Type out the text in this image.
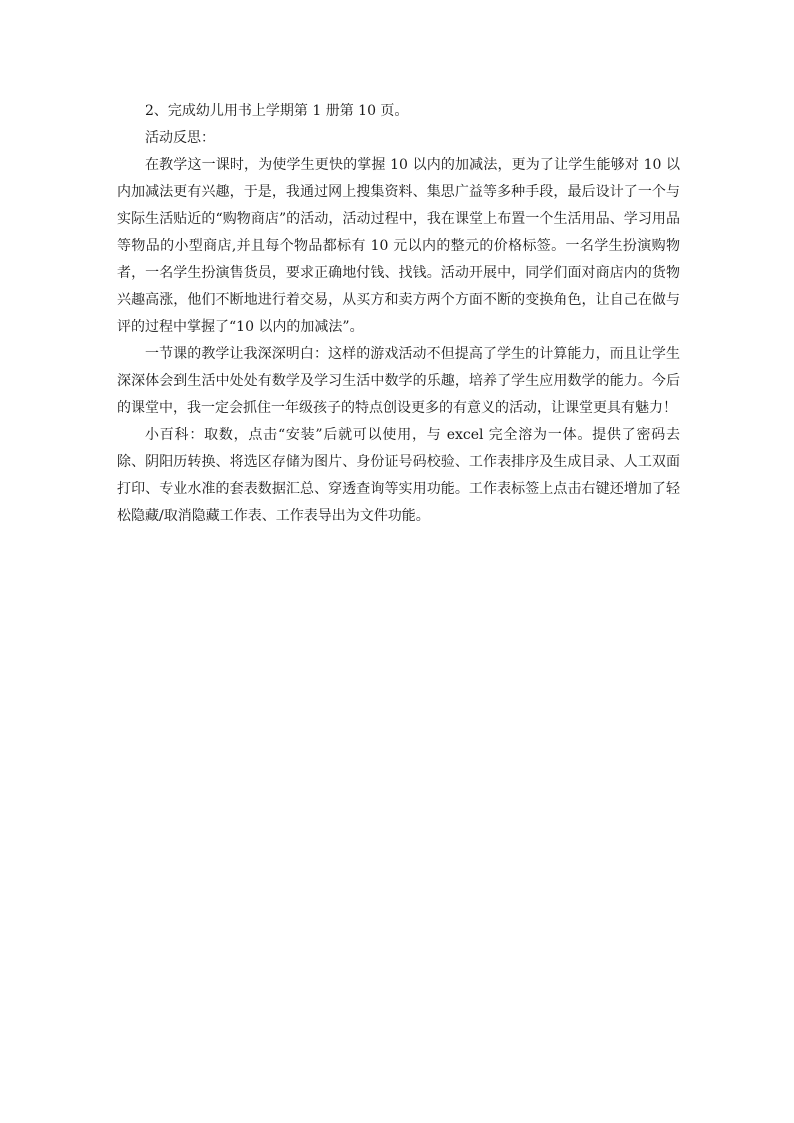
2、完成幼儿用书上学期第 1 册第 10 页。

活动反思：

在教学这一课时，为使学生更快的掌握 10 以内的加减法，更为了让学生能够对 10 以内加减法更有兴趣，于是，我通过网上搜集资料、集思广益等多种手段，最后设计了一个与实际生活贴近的“购物商店”的活动，活动过程中，我在课堂上布置一个生活用品、学习用品等物品的小型商店,并且每个物品都标有 10 元以内的整元的价格标签。一名学生扮演购物者，一名学生扮演售货员，要求正确地付钱、找钱。活动开展中，同学们面对商店内的货物兴趣高涨，他们不断地进行着交易，从买方和卖方两个方面不断的变换角色，让自己在做与评的过程中掌握了“10 以内的加减法”。

一节课的教学让我深深明白：这样的游戏活动不但提高了学生的计算能力，而且让学生深深体会到生活中处处有数学及学习生活中数学的乐趣，培养了学生应用数学的能力。今后的课堂中，我一定会抓住一年级孩子的特点创设更多的有意义的活动，让课堂更具有魅力！

小百科：取数，点击“安装”后就可以使用，与 excel 完全溶为一体。提供了密码去除、阴阳历转换、将选区存储为图片、身份证号码校验、工作表排序及生成目录、人工双面打印、专业水准的套表数据汇总、穿透查询等实用功能。工作表标签上点击右键还增加了轻松隐藏/取消隐藏工作表、工作表导出为文件功能。
